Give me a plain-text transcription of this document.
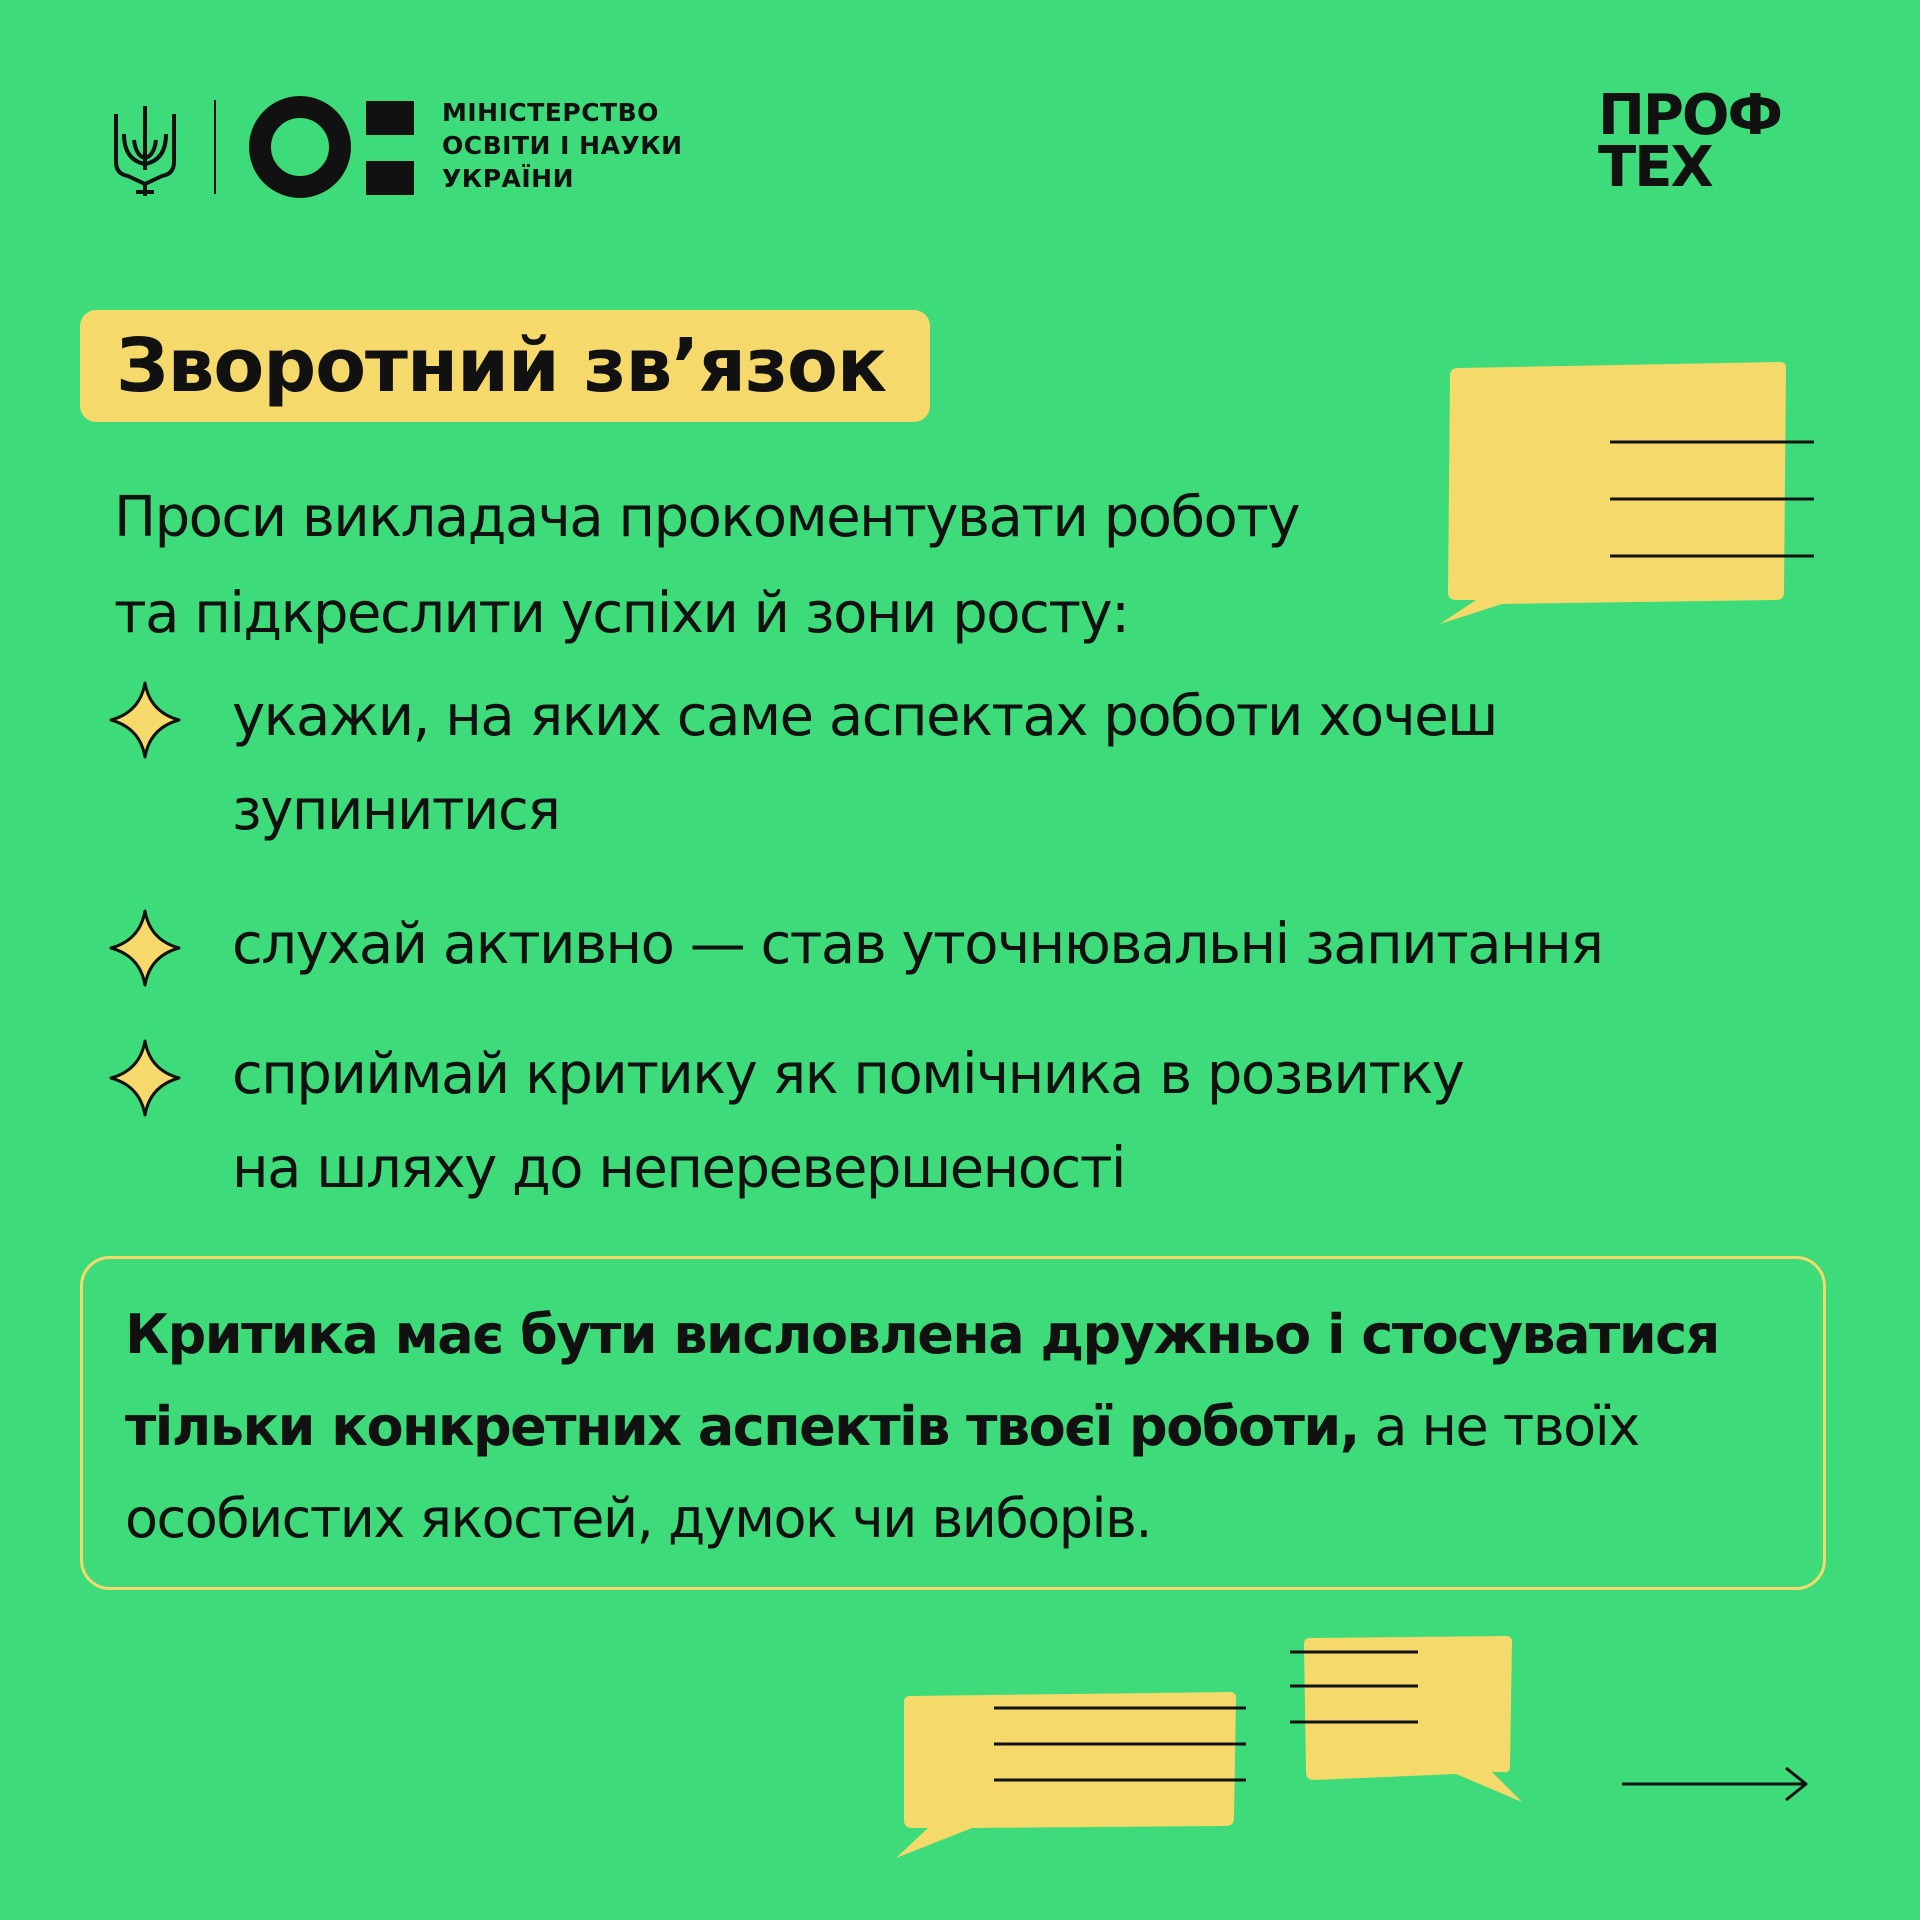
МІНІСТЕРСТВО
ОСВІТИ І НАУКИ
УКРАЇНИ
ПРОФ
ТЕХ
Зворотний зв’язок
Проси викладача прокоментувати роботу
та підкреслити успіхи й зони росту:
укажи, на яких саме аспектах роботи хочеш
зупинитися
слухай активно — став уточнювальні запитання
сприймай критику як помічника в розвитку
на шляху до неперевершеності
Критика має бути висловлена дружньо і стосуватися
тільки конкретних аспектів твоєї роботи, а не твоїх
особистих якостей, думок чи виборів.
